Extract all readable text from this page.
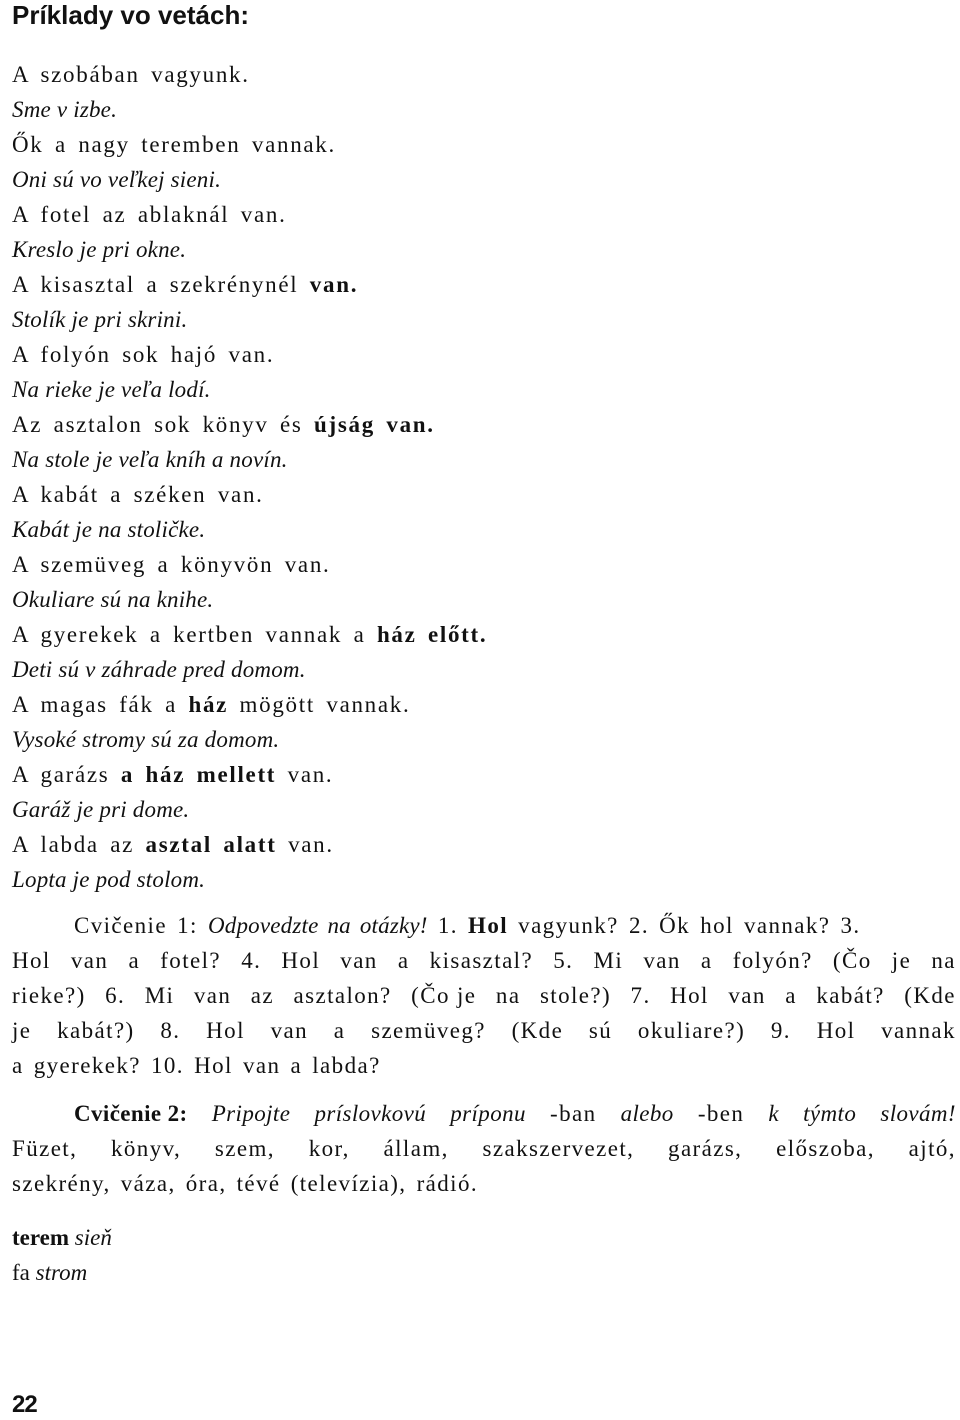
Príklady vo vetách:

A szobában vagyunk.

Sme v izbe.

Ők a nagy teremben vannak.

Oni sú vo veľkej sieni.

A fotel az ablaknál van.

Kreslo je pri okne.

A kisasztal a szekrénynél van.

Stolík je pri skrini.

A folyón sok hajó van.

Na rieke je veľa lodí.

Az asztalon sok könyv és újság van.

Na stole je veľa kníh a novín.

A kabát a széken van.

Kabát je na stoličke.

A szemüveg a könyvön van.

Okuliare sú na knihe.

A gyerekek a kertben vannak a ház előtt.

Deti sú v záhrade pred domom.

A magas fák a ház mögött vannak.

Vysoké stromy sú za domom.

A garázs a ház mellett van.

Garáž je pri dome.

A labda az asztal alatt van.

Lopta je pod stolom.

Cvičenie 1: Odpovedzte na otázky! 1. Hol vagyunk? 2. Ők hol vannak? 3.

Hol van a fotel? 4. Hol van a kisasztal? 5. Mi van a folyón? (Čo je na

rieke?) 6. Mi van az asztalon? (Čo je na stole?) 7. Hol van a kabát? (Kde

je kabát?) 8. Hol van a szemüveg? (Kde sú okuliare?) 9. Hol vannak

a gyerekek? 10. Hol van a labda?

Cvičenie 2: Pripojte príslovkovú príponu -ban alebo -ben k týmto slovám!

Füzet, könyv, szem, kor, állam, szakszervezet, garázs, előszoba, ajtó,

szekrény, váza, óra, tévé (televízia), rádió.

terem sieň

fa strom

22
